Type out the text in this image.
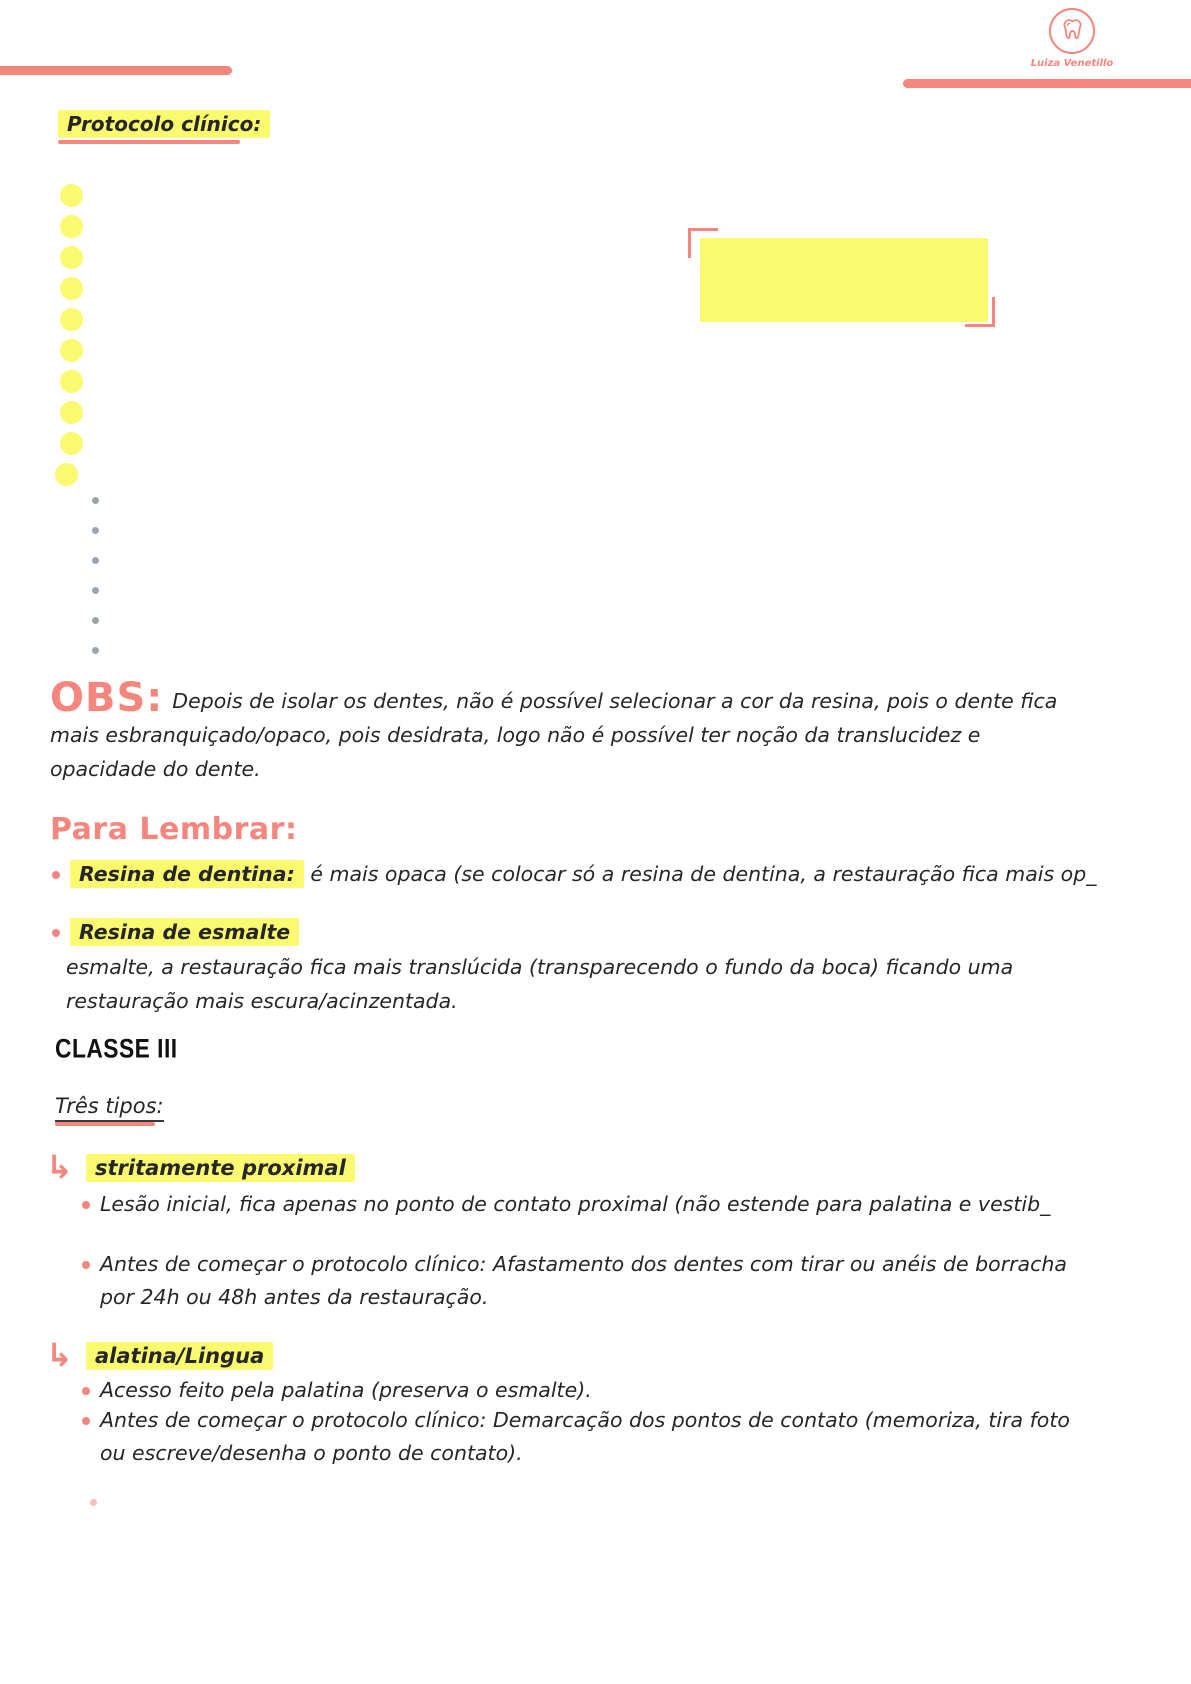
Luiza Venetillo
Protocolo clínico:

OBS: Depois de isolar os dentes, não é possível selecionar a cor da resina, pois o dente fica mais esbranquiçado/opaco, pois desidrata, logo não é possível ter noção da translucidez e opacidade do dente.

Para Lembrar:
Resina de dentina: é mais opaca (se colocar só a resina de dentina, a restauração fica mais op_
Resina de esmalte
esmalte, a restauração fica mais translúcida (transparecendo o fundo da boca) ficando uma restauração mais escura/acinzentada.
CLASSE III
Três tipos:
↳	stritamente proximal
Lesão inicial, fica apenas no ponto de contato proximal (não estende para palatina e vestib_
Antes de começar o protocolo clínico: Afastamento dos dentes com tirar ou anéis de borracha por 24h ou 48h antes da restauração.
↳	alatina/Lingua
Acesso feito pela palatina (preserva o esmalte).
Antes de começar o protocolo clínico: Demarcação dos pontos de contato (memoriza, tira foto ou escreve/desenha o ponto de contato).
